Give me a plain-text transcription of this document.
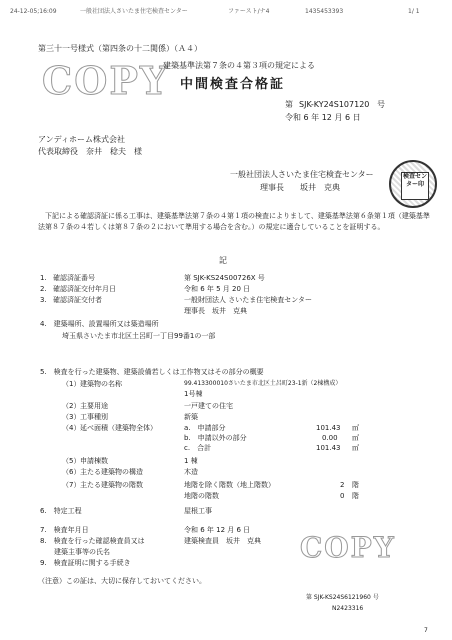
24-12-05;16:09	一般社団法人さいたま住宅検査センター	ファースト/ナ4	1435453393	1/ 1
第三十一号様式（第四条の十二関係）（Ａ４）
COPY
建築基準法第７条の４第３項の規定による
中間検査合格証
第 SJK-KY24S107120 号
令和 6 年 12 月 6 日
アンディホーム株式会社
代表取締役　奈井　稔夫　様
一般社団法人さいたま住宅検査センター
理事長　　坂井　克典
検査センター印
　下記による確認済証に係る工事は、建築基準法第７条の４第１項の検査によりまして、建築基準法第６条第１項（建築基準法第８７条の４若しくは第８７条の２において準用する場合を含む。）の規定に適合していることを証明する。
記
1. 確認済証番号	第 SJK-KS24S00726X 号
2. 確認済証交付年月日	令和 6 年 5 月 20 日
3. 確認済証交付者	一般財団法人 さいたま住宅検査センター
理事長　坂井　克典
4.　建築場所、設置場所又は築造場所
埼玉県さいたま市北区土呂町一丁目99番1の一部
5.　検査を行った建築物、建築設備若しくは工作物又はその部分の概要
（1） 建築物の名称	99.413300010さいたま市北区土呂町23-1新（2棟構成）
1号棟
（2） 主要用途	一戸建ての住宅
（3） 工事種別	新築
（4） 延べ面積（建築物全体）	a.　申請部分	101.43 ㎡
b.　申請以外の部分	0.00 ㎡
c.　合計	101.43 ㎡
（5） 申請棟数	1 棟
（6） 主たる建築物の構造	木造
（7） 主たる建築物の階数	地階を除く階数（地上階数）	2 階
地階の階数	0 階
6.　特定工程	屋根工事
7.　検査年月日	令和 6 年 12 月 6 日
8.　検査を行った確認検査員又は	建築検査員　坂井　克典
　　建築主事等の氏名
9.　検査証明に関する手続き	COPY
（注意）この証は、大切に保存しておいてください。
第 SJK-KS24S6121960 号
N2423316
7
